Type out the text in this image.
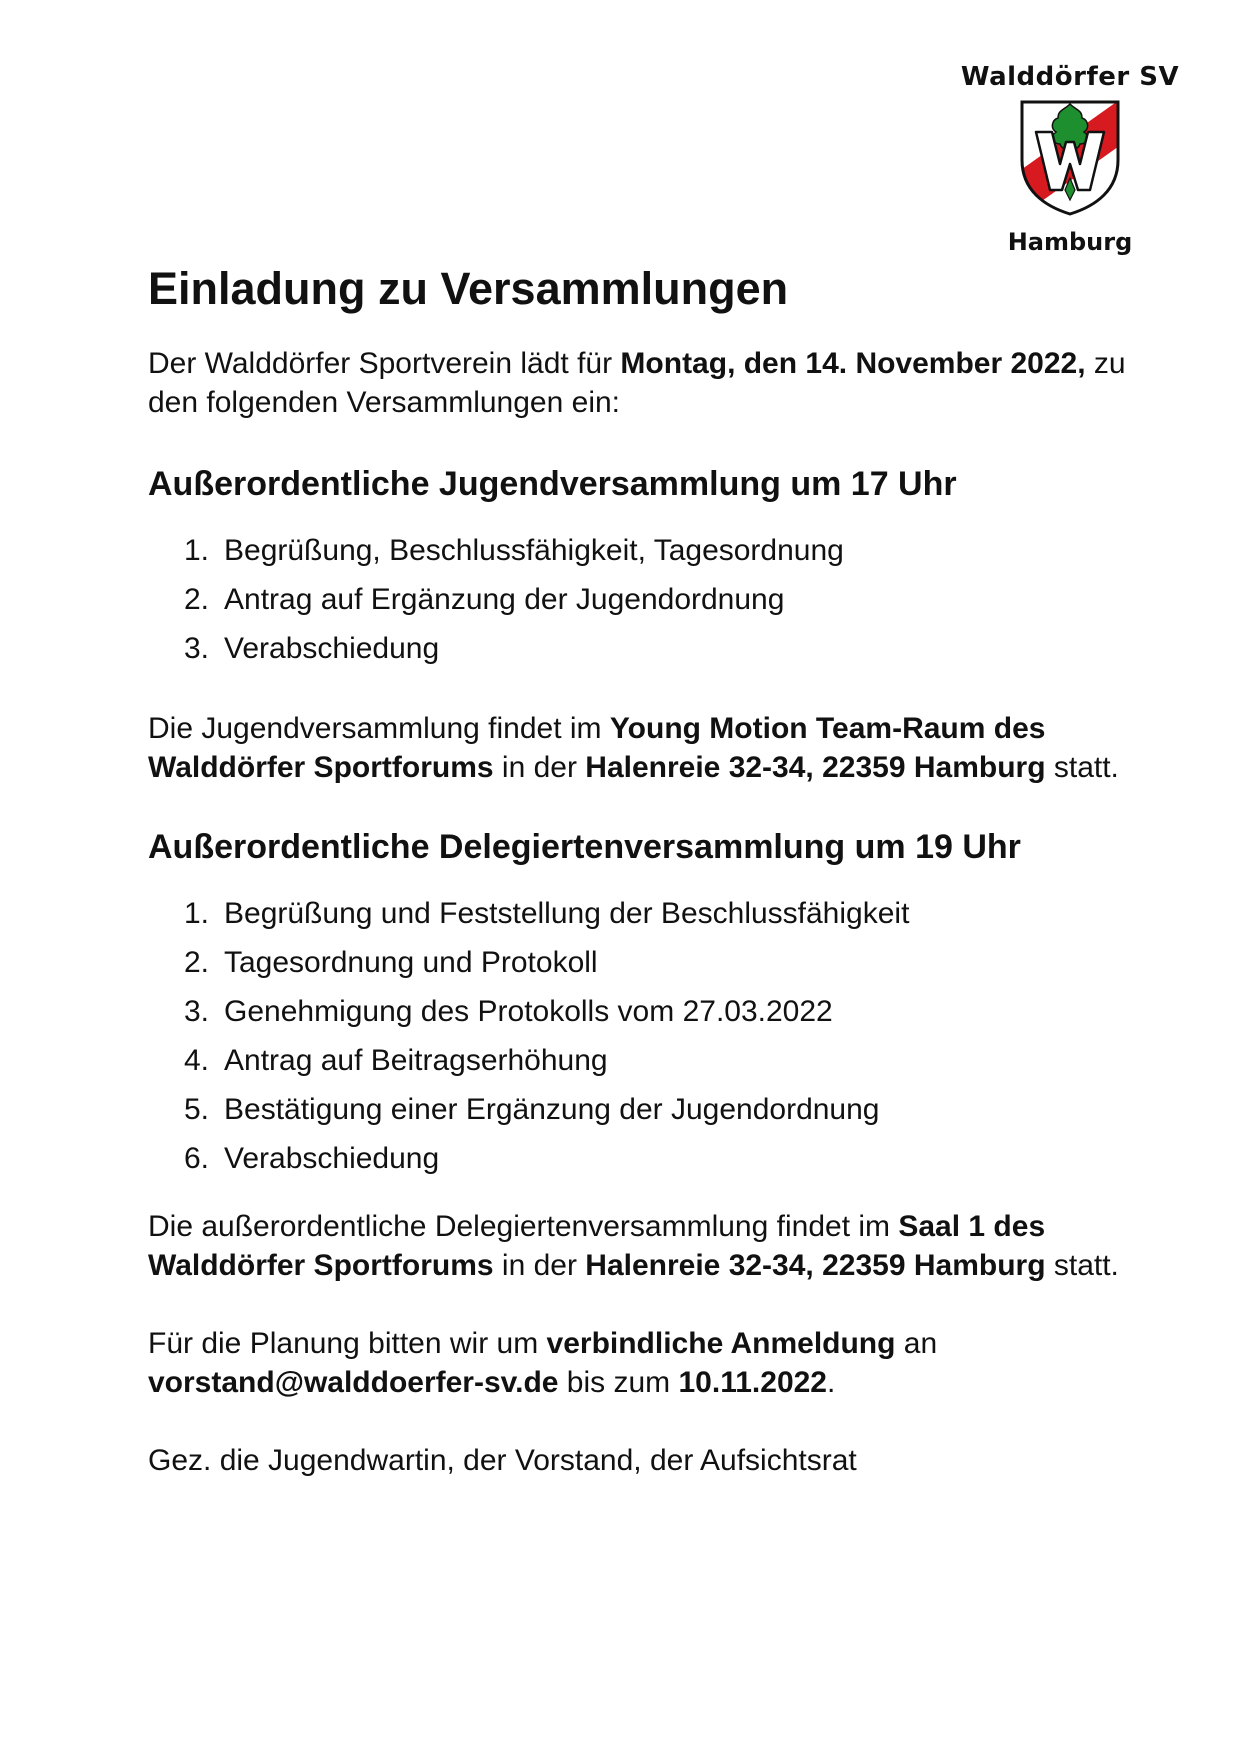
Walddörfer SV
Hamburg
Einladung zu Versammlungen

Der Walddörfer Sportverein lädt für Montag, den 14. November 2022, zu den folgenden Versammlungen ein:

Außerordentliche Jugendversammlung um 17 Uhr
1. Begrüßung, Beschlussfähigkeit, Tagesordnung
2. Antrag auf Ergänzung der Jugendordnung
3. Verabschiedung

Die Jugendversammlung findet im Young Motion Team-Raum des Walddörfer Sportforums in der Halenreie 32-34, 22359 Hamburg statt.

Außerordentliche Delegiertenversammlung um 19 Uhr
1. Begrüßung und Feststellung der Beschlussfähigkeit
2. Tagesordnung und Protokoll
3. Genehmigung des Protokolls vom 27.03.2022
4. Antrag auf Beitragserhöhung
5. Bestätigung einer Ergänzung der Jugendordnung
6. Verabschiedung

Die außerordentliche Delegiertenversammlung findet im Saal 1 des Walddörfer Sportforums in der Halenreie 32-34, 22359 Hamburg statt.

Für die Planung bitten wir um verbindliche Anmeldung an vorstand@walddoerfer-sv.de bis zum 10.11.2022.

Gez. die Jugendwartin, der Vorstand, der Aufsichtsrat
